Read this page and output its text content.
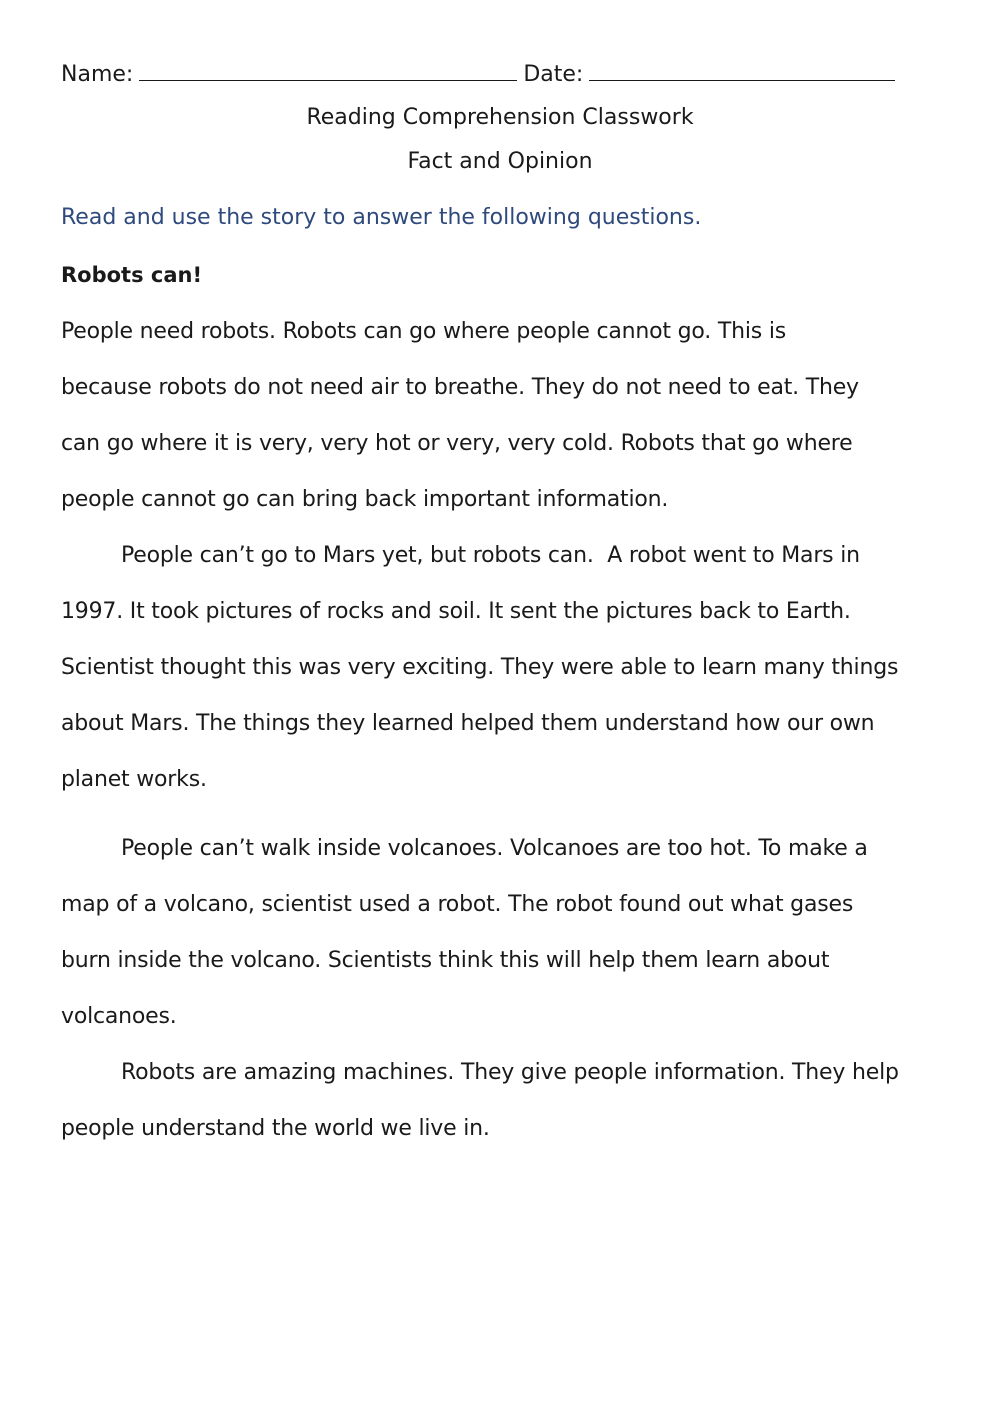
Name:	Date:
Reading Comprehension Classwork
Fact and Opinion
Read and use the story to answer the following questions.
Robots can!
People need robots. Robots can go where people cannot go. This is
because robots do not need air to breathe. They do not need to eat. They
can go where it is very, very hot or very, very cold. Robots that go where
people cannot go can bring back important information.
People can’t go to Mars yet, but robots can.  A robot went to Mars in
1997. It took pictures of rocks and soil. It sent the pictures back to Earth.
Scientist thought this was very exciting. They were able to learn many things
about Mars. The things they learned helped them understand how our own
planet works.
People can’t walk inside volcanoes. Volcanoes are too hot. To make a
map of a volcano, scientist used a robot. The robot found out what gases
burn inside the volcano. Scientists think this will help them learn about
volcanoes.
Robots are amazing machines. They give people information. They help
people understand the world we live in.
